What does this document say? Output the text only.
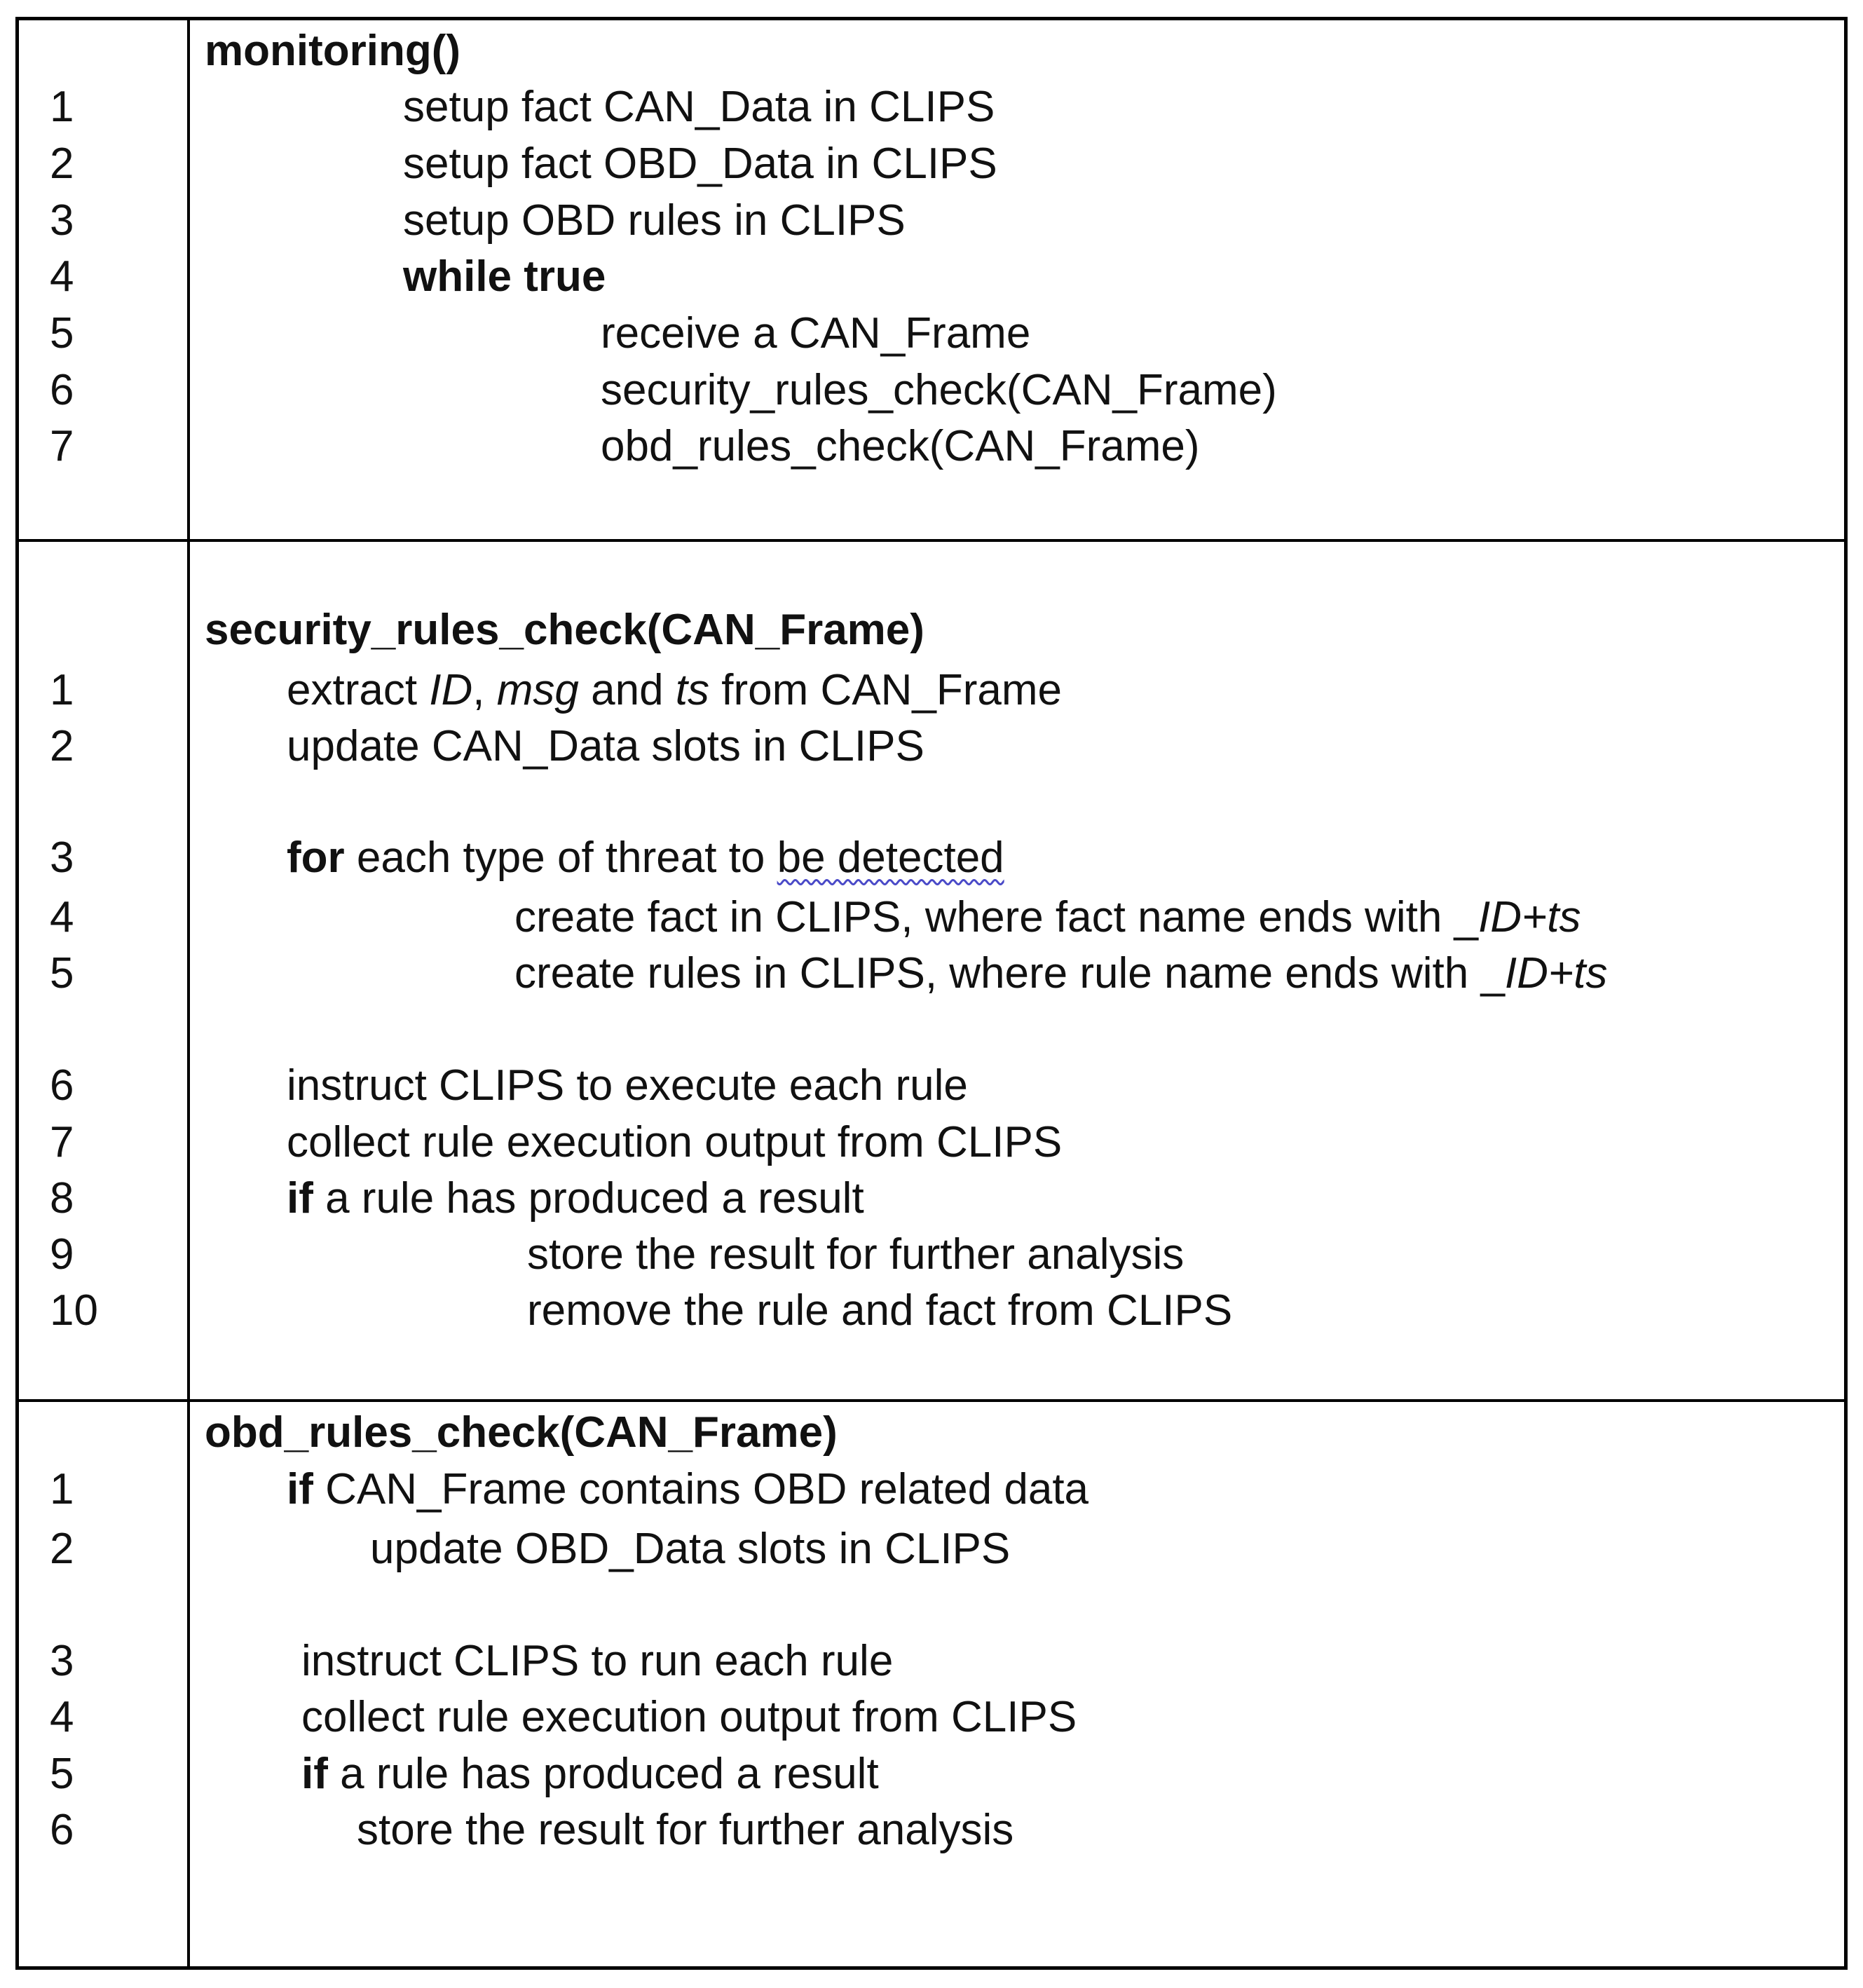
monitoring()
1	setup fact CAN_Data in CLIPS
2	setup fact OBD_Data in CLIPS
3	setup OBD rules in CLIPS
4	while true
5	receive a CAN_Frame
6	security_rules_check(CAN_Frame)
7	obd_rules_check(CAN_Frame)
security_rules_check(CAN_Frame)
1	extract ID, msg and ts from CAN_Frame
2	update CAN_Data slots in CLIPS
3	for each type of threat to be detected
4	create fact in CLIPS, where fact name ends with _ID+ts
5	create rules in CLIPS, where rule name ends with _ID+ts
6	instruct CLIPS to execute each rule
7	collect rule execution output from CLIPS
8	if a rule has produced a result
9	store the result for further analysis
10	remove the rule and fact from CLIPS
obd_rules_check(CAN_Frame)
1	if CAN_Frame contains OBD related data
2	update OBD_Data slots in CLIPS
3	instruct CLIPS to run each rule
4	collect rule execution output from CLIPS
5	if a rule has produced a result
6	store the result for further analysis
